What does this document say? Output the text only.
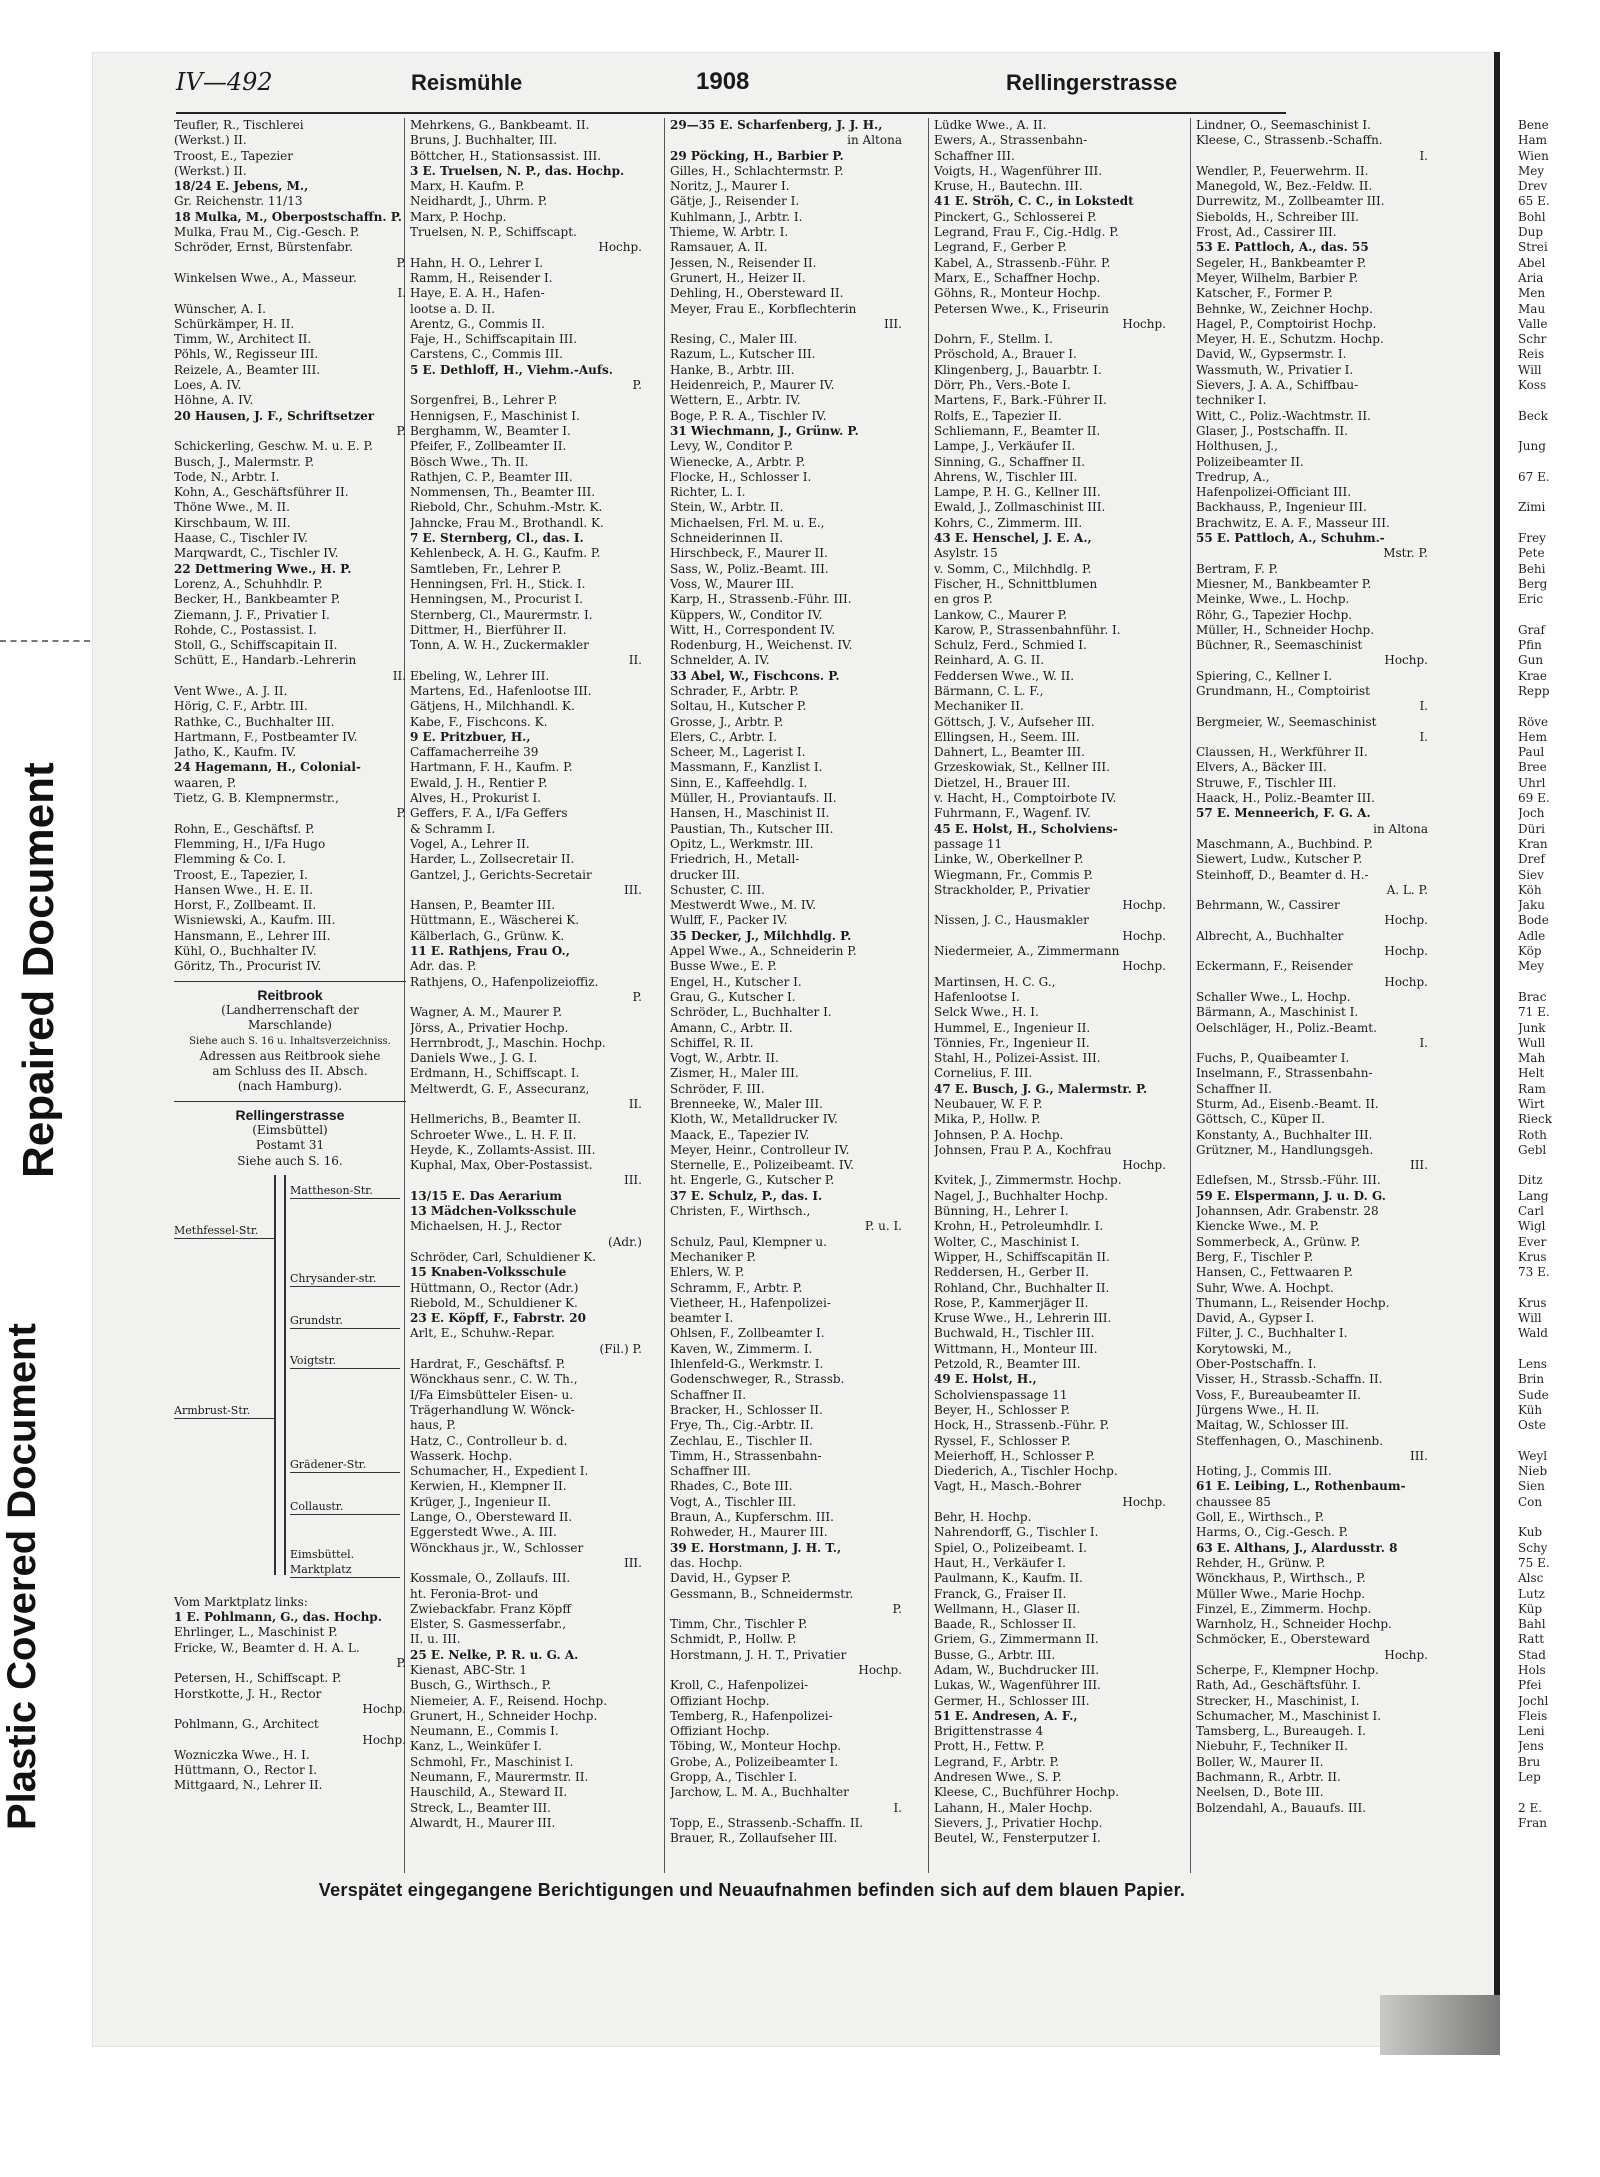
Repaired Document
Plastic Covered Document
IV—492	Reismühle	1908	Rellingerstrasse
Teufler, R., Tischlerei
(Werkst.) II.
Troost, E., Tapezier
(Werkst.) II.
18/24 E. Jebens, M.,
Gr. Reichenstr. 11/13
18 Mulka, M., Oberpostschaffn. P.
Mulka, Frau M., Cig.-Gesch. P.
Schröder, Ernst, Bürstenfabr.
P.
Winkelsen Wwe., A., Masseur.
I.
Wünscher, A. I.
Schürkämper, H. II.
Timm, W., Architect II.
Pöhls, W., Regisseur III.
Reizele, A., Beamter III.
Loes, A. IV.
Höhne, A. IV.
20 Hausen, J. F., Schriftsetzer
P.
Schickerling, Geschw. M. u. E. P.
Busch, J., Malermstr. P.
Tode, N., Arbtr. I.
Kohn, A., Geschäftsführer II.
Thöne Wwe., M. II.
Kirschbaum, W. III.
Haase, C., Tischler IV.
Marqwardt, C., Tischler IV.
22 Dettmering Wwe., H. P.
Lorenz, A., Schuhhdlr. P.
Becker, H., Bankbeamter P.
Ziemann, J. F., Privatier I.
Rohde, C., Postassist. I.
Stoll, G., Schiffscapitain II.
Schütt, E., Handarb.-Lehrerin
II.
Vent Wwe., A. J. II.
Hörig, C. F., Arbtr. III.
Rathke, C., Buchhalter III.
Hartmann, F., Postbeamter IV.
Jatho, K., Kaufm. IV.
24 Hagemann, H., Colonial-
waaren, P.
Tietz, G. B. Klempnermstr.,
P.
Rohn, E., Geschäftsf. P.
Flemming, H., I/Fa Hugo
Flemming & Co. I.
Troost, E., Tapezier, I.
Hansen Wwe., H. E. II.
Horst, F., Zollbeamt. II.
Wisniewski, A., Kaufm. III.
Hansmann, E., Lehrer III.
Kühl, O., Buchhalter IV.
Göritz, Th., Procurist IV.
Reitbrook
(Landherrenschaft der
Marschlande)
Siehe auch S. 16 u. Inhaltsverzeichniss.
Adressen aus Reitbrook siehe
am Schluss des II. Absch.
(nach Hamburg).
Rellingerstrasse
(Eimsbüttel)
Postamt 31
Siehe auch S. 16.
Mattheson-Str.
Methfessel-Str.
Chrysander-str.
Grundstr.
Voigtstr.
Armbrust-Str.
Grädener-Str.
Collaustr.
Eimsbüttel. Marktplatz
Vom Marktplatz links:
1 E. Pohlmann, G., das. Hochp.
Ehrlinger, L., Maschinist P.
Fricke, W., Beamter d. H. A. L.
P.
Petersen, H., Schiffscapt. P.
Horstkotte, J. H., Rector
Hochp.
Pohlmann, G., Architect
Hochp.
Wozniczka Wwe., H. I.
Hüttmann, O., Rector I.
Mittgaard, N., Lehrer II.
Mehrkens, G., Bankbeamt. II.
Bruns, J. Buchhalter, III.
Böttcher, H., Stationsassist. III.
3 E. Truelsen, N. P., das. Hochp.
Marx, H. Kaufm. P.
Neidhardt, J., Uhrm. P.
Marx, P. Hochp.
Truelsen, N. P., Schiffscapt.
Hochp.
Hahn, H. O., Lehrer I.
Ramm, H., Reisender I.
Haye, E. A. H., Hafen-
lootse a. D. II.
Arentz, G., Commis II.
Faje, H., Schiffscapitain III.
Carstens, C., Commis III.
5 E. Dethloff, H., Viehm.-Aufs.
P.
Sorgenfrei, B., Lehrer P.
Hennigsen, F., Maschinist I.
Berghamm, W., Beamter I.
Pfeifer, F., Zollbeamter II.
Bösch Wwe., Th. II.
Rathjen, C. P., Beamter III.
Nommensen, Th., Beamter III.
Riebold, Chr., Schuhm.-Mstr. K.
Jahncke, Frau M., Brothandl. K.
7 E. Sternberg, Cl., das. I.
Kehlenbeck, A. H. G., Kaufm. P.
Samtleben, Fr., Lehrer P.
Henningsen, Frl. H., Stick. I.
Henningsen, M., Procurist I.
Sternberg, Cl., Maurermstr. I.
Dittmer, H., Bierführer II.
Tonn, A. W. H., Zuckermakler
II.
Ebeling, W., Lehrer III.
Martens, Ed., Hafenlootse III.
Gätjens, H., Milchhandl. K.
Kabe, F., Fischcons. K.
9 E. Pritzbuer, H.,
Caffamacherreihe 39
Hartmann, F. H., Kaufm. P.
Ewald, J. H., Rentier P.
Alves, H., Prokurist I.
Geffers, F. A., I/Fa Geffers
& Schramm I.
Vogel, A., Lehrer II.
Harder, L., Zollsecretair II.
Gantzel, J., Gerichts-Secretair
III.
Hansen, P., Beamter III.
Hüttmann, E., Wäscherei K.
Kälberlach, G., Grünw. K.
11 E. Rathjens, Frau O.,
Adr. das. P.
Rathjens, O., Hafenpolizeioffiz.
P.
Wagner, A. M., Maurer P.
Jörss, A., Privatier Hochp.
Herrnbrodt, J., Maschin. Hochp.
Daniels Wwe., J. G. I.
Erdmann, H., Schiffscapt. I.
Meltwerdt, G. F., Assecuranz,
II.
Hellmerichs, B., Beamter II.
Schroeter Wwe., L. H. F. II.
Heyde, K., Zollamts-Assist. III.
Kuphal, Max, Ober-Postassist.
III.
13/15 E. Das Aerarium
13 Mädchen-Volksschule
Michaelsen, H. J., Rector
(Adr.)
Schröder, Carl, Schuldiener K.
15 Knaben-Volksschule
Hüttmann, O., Rector (Adr.)
Riebold, M., Schuldiener K.
23 E. Köpff, F., Fabrstr. 20
Arlt, E., Schuhw.-Repar.
(Fil.) P.
Hardrat, F., Geschäftsf. P.
Wönckhaus senr., C. W. Th.,
I/Fa Eimsbütteler Eisen- u.
Trägerhandlung W. Wönck-
haus, P.
Hatz, C., Controlleur b. d.
Wasserk. Hochp.
Schumacher, H., Expedient I.
Kerwien, H., Klempner II.
Krüger, J., Ingenieur II.
Lange, O., Obersteward II.
Eggerstedt Wwe., A. III.
Wönckhaus jr., W., Schlosser
III.
Kossmale, O., Zollaufs. III.
ht. Feronia-Brot- und
Zwiebackfabr. Franz Köpff
Elster, S. Gasmesserfabr.,
II. u. III.
25 E. Nelke, P. R. u. G. A.
Kienast, ABC-Str. 1
Busch, G., Wirthsch., P.
Niemeier, A. F., Reisend. Hochp.
Grunert, H., Schneider Hochp.
Neumann, E., Commis I.
Kanz, L., Weinküfer I.
Schmohl, Fr., Maschinist I.
Neumann, F., Maurermstr. II.
Hauschild, A., Steward II.
Streck, L., Beamter III.
Alwardt, H., Maurer III.
29—35 E. Scharfenberg, J. J. H.,
in Altona
29 Pöcking, H., Barbier P.
Gilles, H., Schlachtermstr. P.
Noritz, J., Maurer I.
Gätje, J., Reisender I.
Kuhlmann, J., Arbtr. I.
Thieme, W. Arbtr. I.
Ramsauer, A. II.
Jessen, N., Reisender II.
Grunert, H., Heizer II.
Dehling, H., Obersteward II.
Meyer, Frau E., Korbflechterin
III.
Resing, C., Maler III.
Razum, L., Kutscher III.
Hanke, B., Arbtr. III.
Heidenreich, P., Maurer IV.
Wettern, E., Arbtr. IV.
Boge, P. R. A., Tischler IV.
31 Wiechmann, J., Grünw. P.
Levy, W., Conditor P.
Wienecke, A., Arbtr. P.
Flocke, H., Schlosser I.
Richter, L. I.
Stein, W., Arbtr. II.
Michaelsen, Frl. M. u. E.,
Schneiderinnen II.
Hirschbeck, F., Maurer II.
Sass, W., Poliz.-Beamt. III.
Voss, W., Maurer III.
Karp, H., Strassenb.-Führ. III.
Küppers, W., Conditor IV.
Witt, H., Correspondent IV.
Rodenburg, H., Weichenst. IV.
Schnelder, A. IV.
33 Abel, W., Fischcons. P.
Schrader, F., Arbtr. P.
Soltau, H., Kutscher P.
Grosse, J., Arbtr. P.
Elers, C., Arbtr. I.
Scheer, M., Lagerist I.
Massmann, F., Kanzlist I.
Sinn, E., Kaffeehdlg. I.
Müller, H., Proviantaufs. II.
Hansen, H., Maschinist II.
Paustian, Th., Kutscher III.
Opitz, L., Werkmstr. III.
Friedrich, H., Metall-
drucker III.
Schuster, C. III.
Mestwerdt Wwe., M. IV.
Wulff, F., Packer IV.
35 Decker, J., Milchhdlg. P.
Appel Wwe., A., Schneiderin P.
Busse Wwe., E. P.
Engel, H., Kutscher I.
Grau, G., Kutscher I.
Schröder, L., Buchhalter I.
Amann, C., Arbtr. II.
Schiffel, R. II.
Vogt, W., Arbtr. II.
Zismer, H., Maler III.
Schröder, F. III.
Brenneeke, W., Maler III.
Kloth, W., Metalldrucker IV.
Maack, E., Tapezier IV.
Meyer, Heinr., Controlleur IV.
Sternelle, E., Polizeibeamt. IV.
ht. Engerle, G., Kutscher P.
37 E. Schulz, P., das. I.
Christen, F., Wirthsch.,
P. u. I.
Schulz, Paul, Klempner u.
Mechaniker P.
Ehlers, W. P.
Schramm, F., Arbtr. P.
Vietheer, H., Hafenpolizei-
beamter I.
Ohlsen, F., Zollbeamter I.
Kaven, W., Zimmerm. I.
Ihlenfeld-G., Werkmstr. I.
Godenschweger, R., Strassb.
Schaffner II.
Bracker, H., Schlosser II.
Frye, Th., Cig.-Arbtr. II.
Zechlau, E., Tischler II.
Timm, H., Strassenbahn-
Schaffner III.
Rhades, C., Bote III.
Vogt, A., Tischler III.
Braun, A., Kupferschm. III.
Rohweder, H., Maurer III.
39 E. Horstmann, J. H. T.,
das. Hochp.
David, H., Gypser P.
Gessmann, B., Schneidermstr.
P.
Timm, Chr., Tischler P.
Schmidt, P., Hollw. P.
Horstmann, J. H. T., Privatier
Hochp.
Kroll, C., Hafenpolizei-
Offiziant Hochp.
Temberg, R., Hafenpolizei-
Offiziant Hochp.
Töbing, W., Monteur Hochp.
Grobe, A., Polizeibeamter I.
Gropp, A., Tischler I.
Jarchow, L. M. A., Buchhalter
I.
Topp, E., Strassenb.-Schaffn. II.
Brauer, R., Zollaufseher III.
Lüdke Wwe., A. II.
Ewers, A., Strassenbahn-
Schaffner III.
Voigts, H., Wagenführer III.
Kruse, H., Bautechn. III.
41 E. Ströh, C. C., in Lokstedt
Pinckert, G., Schlosserei P.
Legrand, Frau F., Cig.-Hdlg. P.
Legrand, F., Gerber P.
Kabel, A., Strassenb.-Führ. P.
Marx, E., Schaffner Hochp.
Göhns, R., Monteur Hochp.
Petersen Wwe., K., Friseurin
Hochp.
Dohrn, F., Stellm. I.
Pröschold, A., Brauer I.
Klingenberg, J., Bauarbtr. I.
Dörr, Ph., Vers.-Bote I.
Martens, F., Bark.-Führer II.
Rolfs, E., Tapezier II.
Schliemann, F., Beamter II.
Lampe, J., Verkäufer II.
Sinning, G., Schaffner II.
Ahrens, W., Tischler III.
Lampe, P. H. G., Kellner III.
Ewald, J., Zollmaschinist III.
Kohrs, C., Zimmerm. III.
43 E. Henschel, J. E. A.,
Asylstr. 15
v. Somm, C., Milchhdlg. P.
Fischer, H., Schnittblumen
en gros P.
Lankow, C., Maurer P.
Karow, P., Strassenbahnführ. I.
Schulz, Ferd., Schmied I.
Reinhard, A. G. II.
Feddersen Wwe., W. II.
Bärmann, C. L. F.,
Mechaniker II.
Göttsch, J. V., Aufseher III.
Ellingsen, H., Seem. III.
Dahnert, L., Beamter III.
Grzeskowiak, St., Kellner III.
Dietzel, H., Brauer III.
v. Hacht, H., Comptoirbote IV.
Fuhrmann, F., Wagenf. IV.
45 E. Holst, H., Scholviens-
passage 11
Linke, W., Oberkellner P.
Wiegmann, Fr., Commis P.
Strackholder, P., Privatier
Hochp.
Nissen, J. C., Hausmakler
Hochp.
Niedermeier, A., Zimmermann
Hochp.
Martinsen, H. C. G.,
Hafenlootse I.
Selck Wwe., H. I.
Hummel, E., Ingenieur II.
Tönnies, Fr., Ingenieur II.
Stahl, H., Polizei-Assist. III.
Cornelius, F. III.
47 E. Busch, J. G., Malermstr. P.
Neubauer, W. F. P.
Mika, P., Hollw. P.
Johnsen, P. A. Hochp.
Johnsen, Frau P. A., Kochfrau
Hochp.
Kvitek, J., Zimmermstr. Hochp.
Nagel, J., Buchhalter Hochp.
Bünning, H., Lehrer I.
Krohn, H., Petroleumhdlr. I.
Wolter, C., Maschinist I.
Wipper, H., Schiffscapitän II.
Reddersen, H., Gerber II.
Rohland, Chr., Buchhalter II.
Rose, P., Kammerjäger II.
Kruse Wwe., H., Lehrerin III.
Buchwald, H., Tischler III.
Wittmann, H., Monteur III.
Petzold, R., Beamter III.
49 E. Holst, H.,
Scholvienspassage 11
Beyer, H., Schlosser P.
Hock, H., Strassenb.-Führ. P.
Ryssel, F., Schlosser P.
Meierhoff, H., Schlosser P.
Diederich, A., Tischler Hochp.
Vagt, H., Masch.-Bohrer
Hochp.
Behr, H. Hochp.
Nahrendorff, G., Tischler I.
Spiel, O., Polizeibeamt. I.
Haut, H., Verkäufer I.
Paulmann, K., Kaufm. II.
Franck, G., Fraiser II.
Wellmann, H., Glaser II.
Baade, R., Schlosser II.
Griem, G., Zimmermann II.
Busse, G., Arbtr. III.
Adam, W., Buchdrucker III.
Lukas, W., Wagenführer III.
Germer, H., Schlosser III.
51 E. Andresen, A. F.,
Brigittenstrasse 4
Prott, H., Fettw. P.
Legrand, F., Arbtr. P.
Andresen Wwe., S. P.
Kleese, C., Buchführer Hochp.
Lahann, H., Maler Hochp.
Sievers, J., Privatier Hochp.
Beutel, W., Fensterputzer I.
Lindner, O., Seemaschinist I.
Kleese, C., Strassenb.-Schaffn.
I.
Wendler, P., Feuerwehrm. II.
Manegold, W., Bez.-Feldw. II.
Durrewitz, M., Zollbeamter III.
Siebolds, H., Schreiber III.
Frost, Ad., Cassirer III.
53 E. Pattloch, A., das. 55
Segeler, H., Bankbeamter P.
Meyer, Wilhelm, Barbier P.
Katscher, F., Former P.
Behnke, W., Zeichner Hochp.
Hagel, P., Comptoirist Hochp.
Meyer, H. E., Schutzm. Hochp.
David, W., Gypsermstr. I.
Wassmuth, W., Privatier I.
Sievers, J. A. A., Schiffbau-
techniker I.
Witt, C., Poliz.-Wachtmstr. II.
Glaser, J., Postschaffn. II.
Holthusen, J.,
Polizeibeamter II.
Tredrup, A.,
Hafenpolizei-Officiant III.
Backhauss, P., Ingenieur III.
Brachwitz, E. A. F., Masseur III.
55 E. Pattloch, A., Schuhm.-
Mstr. P.
Bertram, F. P.
Miesner, M., Bankbeamter P.
Meinke, Wwe., L. Hochp.
Röhr, G., Tapezier Hochp.
Müller, H., Schneider Hochp.
Büchner, R., Seemaschinist
Hochp.
Spiering, C., Kellner I.
Grundmann, H., Comptoirist
I.
Bergmeier, W., Seemaschinist
I.
Claussen, H., Werkführer II.
Elvers, A., Bäcker III.
Struwe, F., Tischler III.
Haack, H., Poliz.-Beamter III.
57 E. Menneerich, F. G. A.
in Altona
Maschmann, A., Buchbind. P.
Siewert, Ludw., Kutscher P.
Steinhoff, D., Beamter d. H.-
A. L. P.
Behrmann, W., Cassirer
Hochp.
Albrecht, A., Buchhalter
Hochp.
Eckermann, F., Reisender
Hochp.
Schaller Wwe., L. Hochp.
Bärmann, A., Maschinist I.
Oelschläger, H., Poliz.-Beamt.
I.
Fuchs, P., Quaibeamter I.
Inselmann, F., Strassenbahn-
Schaffner II.
Sturm, Ad., Eisenb.-Beamt. II.
Göttsch, C., Küper II.
Konstanty, A., Buchhalter III.
Grützner, M., Handlungsgeh.
III.
Edlefsen, M., Strssb.-Führ. III.
59 E. Elspermann, J. u. D. G.
Johannsen, Adr. Grabenstr. 28
Kiencke Wwe., M. P.
Sommerbeck, A., Grünw. P.
Berg, F., Tischler P.
Hansen, C., Fettwaaren P.
Suhr, Wwe. A. Hochpt.
Thumann, L., Reisender Hochp.
David, A., Gypser I.
Filter, J. C., Buchhalter I.
Korytowski, M.,
Ober-Postschaffn. I.
Visser, H., Strassb.-Schaffn. II.
Voss, F., Bureaubeamter II.
Jürgens Wwe., H. II.
Maitag, W., Schlosser III.
Steffenhagen, O., Maschinenb.
III.
Hoting, J., Commis III.
61 E. Leibing, L., Rothenbaum-
chaussee 85
Goll, E., Wirthsch., P.
Harms, O., Cig.-Gesch. P.
63 E. Althans, J., Alardusstr. 8
Rehder, H., Grünw. P.
Wönckhaus, P., Wirthsch., P.
Müller Wwe., Marie Hochp.
Finzel, E., Zimmerm. Hochp.
Warnholz, H., Schneider Hochp.
Schmöcker, E., Obersteward
Hochp.
Scherpe, F., Klempner Hochp.
Rath, Ad., Geschäftsführ. I.
Strecker, H., Maschinist, I.
Schumacher, M., Maschinist I.
Tamsberg, L., Bureaugeh. I.
Niebuhr, F., Techniker II.
Boller, W., Maurer II.
Bachmann, R., Arbtr. II.
Neelsen, D., Bote III.
Bolzendahl, A., Bauaufs. III.
Bene
Ham
Wien
Mey
Drev
65 E.
Bohl
Dup
Strei
Abel
Aria
Men
Mau
Valle
Schr
Reis
Will
Koss

Beck

Jung

67 E.

Zimi

Frey
Pete
Behi
Berg
Eric

Graf
Pfin
Gun
Krae
Repp

Röve
Hem
Paul
Bree
Uhrl
69 E.
Joch
Düri
Kran
Dref
Siev
Köh
Jaku
Bode
Adle
Köp
Mey

Brac
71 E.
Junk
Wull
Mah
Helt
Ram
Wirt
Rieck
Roth
Gebl

Ditz
Lang
Carl
Wigl
Ever
Krus
73 E.

Krus
Will
Wald

Lens
Brin
Sude
Küh
Oste

Weyl
Nieb
Sien
Con

Kub
Schy
75 E.
Alsc
Lutz
Küp
Bahl
Ratt
Stad
Hols
Pfei
Jochl
Fleis
Leni
Jens
Bru
Lep

2 E.
Fran
Verspätet eingegangene Berichtigungen und Neuaufnahmen befinden sich auf dem blauen Papier.
